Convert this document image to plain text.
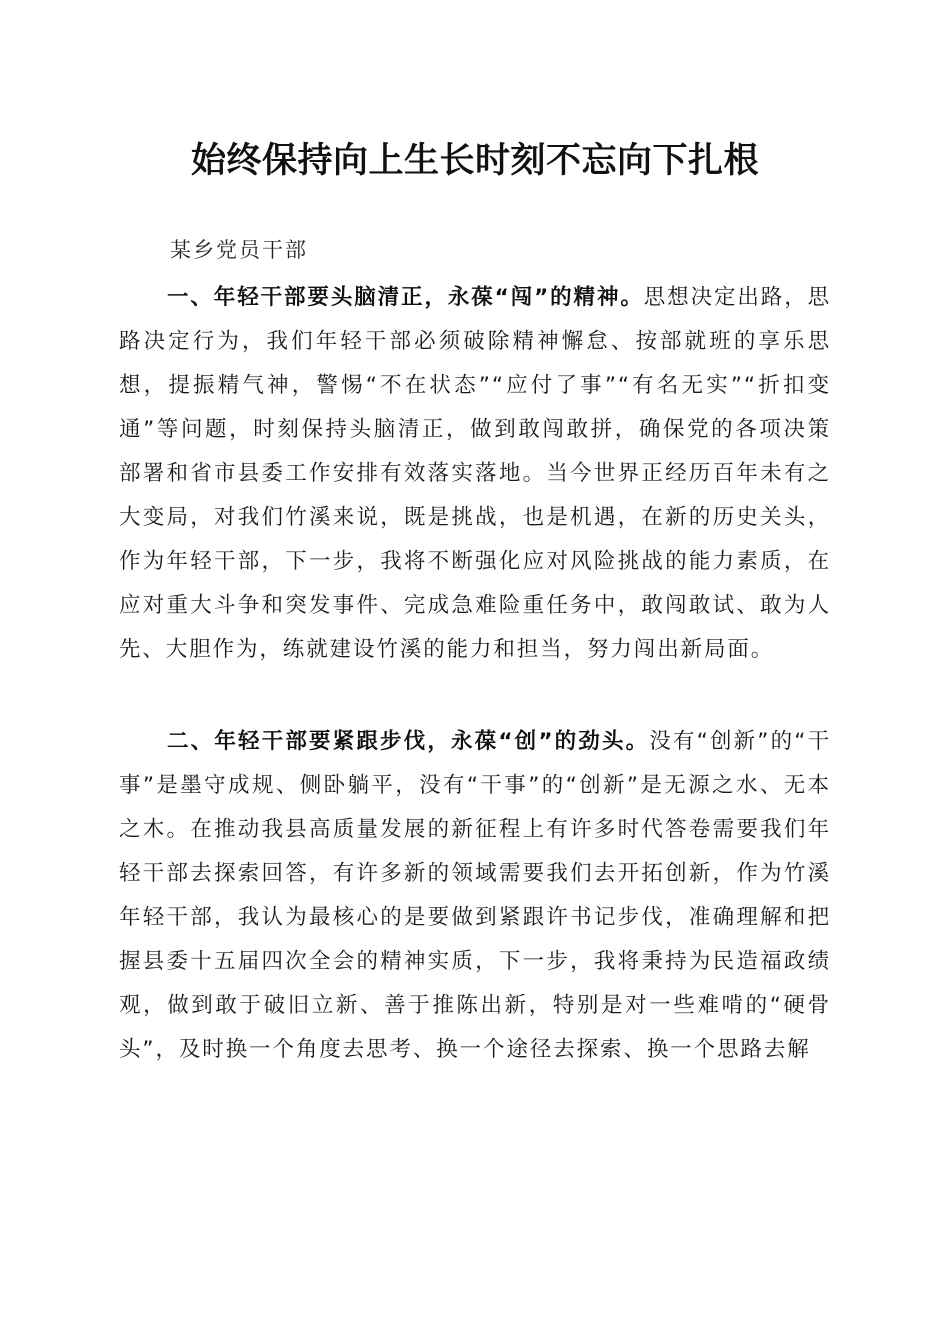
始终保持向上生长时刻不忘向下扎根

某乡党员干部

一、年轻干部要头脑清正，永葆“闯”的精神。思想决定出路，思路决定行为，我们年轻干部必须破除精神懈怠、按部就班的享乐思想，提振精气神，警惕“不在状态”“应付了事”“有名无实”“折扣变通”等问题，时刻保持头脑清正，做到敢闯敢拼，确保党的各项决策部署和省市县委工作安排有效落实落地。当今世界正经历百年未有之大变局，对我们竹溪来说，既是挑战，也是机遇，在新的历史关头，作为年轻干部，下一步，我将不断强化应对风险挑战的能力素质，在应对重大斗争和突发事件、完成急难险重任务中，敢闯敢试、敢为人先、大胆作为，练就建设竹溪的能力和担当，努力闯出新局面。

二、年轻干部要紧跟步伐，永葆“创”的劲头。没有“创新”的“干事”是墨守成规、侧卧躺平，没有“干事”的“创新”是无源之水、无本之木。在推动我县高质量发展的新征程上有许多时代答卷需要我们年轻干部去探索回答，有许多新的领域需要我们去开拓创新，作为竹溪年轻干部，我认为最核心的是要做到紧跟许书记步伐，准确理解和把握县委十五届四次全会的精神实质，下一步，我将秉持为民造福政绩观，做到敢于破旧立新、善于推陈出新，特别是对一些难啃的“硬骨头”，及时换一个角度去思考、换一个途径去探索、换一个思路去解
